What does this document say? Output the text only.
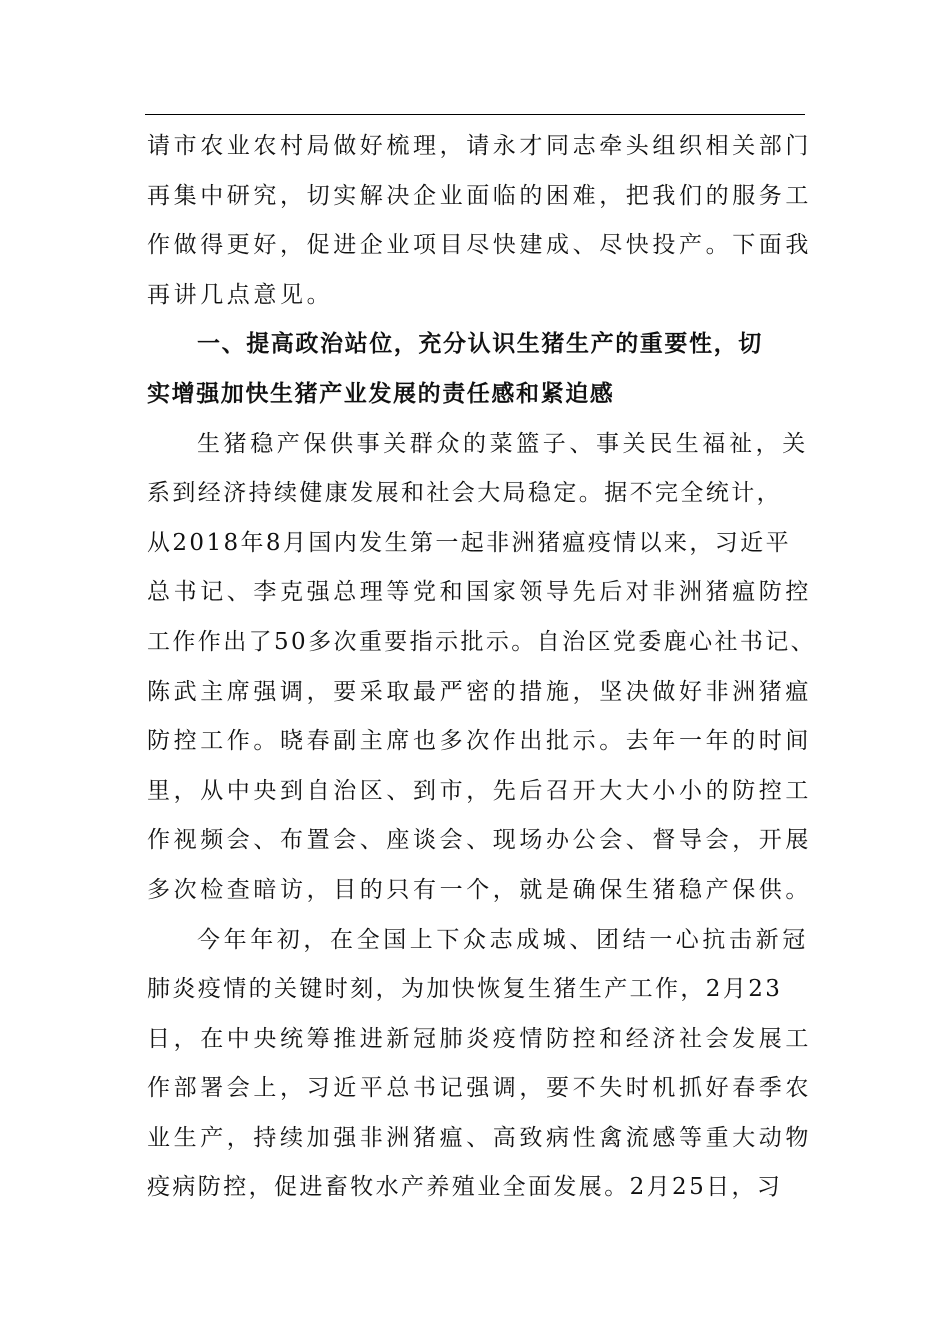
请市农业农村局做好梳理，请永才同志牵头组织相关部门
再集中研究，切实解决企业面临的困难，把我们的服务工
作做得更好，促进企业项目尽快建成、尽快投产。下面我
再讲几点意见。
一、提高政治站位，充分认识生猪生产的重要性，切
实增强加快生猪产业发展的责任感和紧迫感
生猪稳产保供事关群众的菜篮子、事关民生福祉，关
系到经济持续健康发展和社会大局稳定。据不完全统计，
从2018年8月国内发生第一起非洲猪瘟疫情以来，习近平
总书记、李克强总理等党和国家领导先后对非洲猪瘟防控
工作作出了50多次重要指示批示。自治区党委鹿心社书记、
陈武主席强调，要采取最严密的措施，坚决做好非洲猪瘟
防控工作。晓春副主席也多次作出批示。去年一年的时间
里，从中央到自治区、到市，先后召开大大小小的防控工
作视频会、布置会、座谈会、现场办公会、督导会，开展
多次检查暗访，目的只有一个，就是确保生猪稳产保供。
今年年初，在全国上下众志成城、团结一心抗击新冠
肺炎疫情的关键时刻，为加快恢复生猪生产工作，2月23
日，在中央统筹推进新冠肺炎疫情防控和经济社会发展工
作部署会上，习近平总书记强调，要不失时机抓好春季农
业生产，持续加强非洲猪瘟、高致病性禽流感等重大动物
疫病防控，促进畜牧水产养殖业全面发展。2月25日，习
